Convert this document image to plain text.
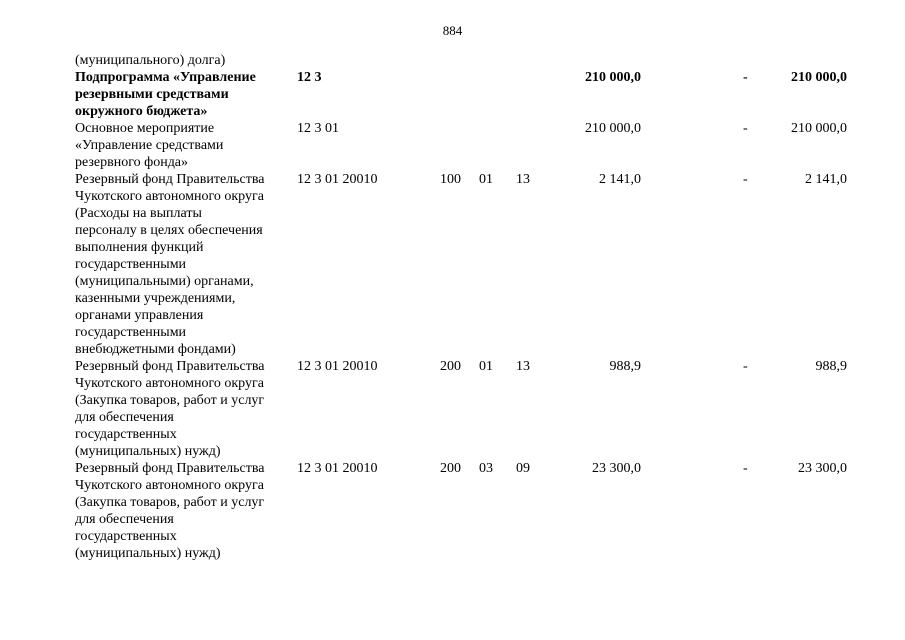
884
(муниципального) долга)
Подпрограмма «Управление
резервными средствами
окружного бюджета»
12 3	210 000,0	-	210 000,0
Основное мероприятие
«Управление средствами
резервного фонда»
12 3 01	210 000,0	-	210 000,0
Резервный фонд Правительства
Чукотского автономного округа
(Расходы на выплаты
персоналу в целях обеспечения
выполнения функций
государственными
(муниципальными) органами,
казенными учреждениями,
органами управления
государственными
внебюджетными фондами)
12 3 01 20010	100 01 13	2 141,0	-	2 141,0
Резервный фонд Правительства
Чукотского автономного округа
(Закупка товаров, работ и услуг
для обеспечения
государственных
(муниципальных) нужд)
12 3 01 20010	200 01 13	988,9	-	988,9
Резервный фонд Правительства
Чукотского автономного округа
(Закупка товаров, работ и услуг
для обеспечения
государственных
(муниципальных) нужд)
12 3 01 20010	200 03 09	23 300,0	-	23 300,0
